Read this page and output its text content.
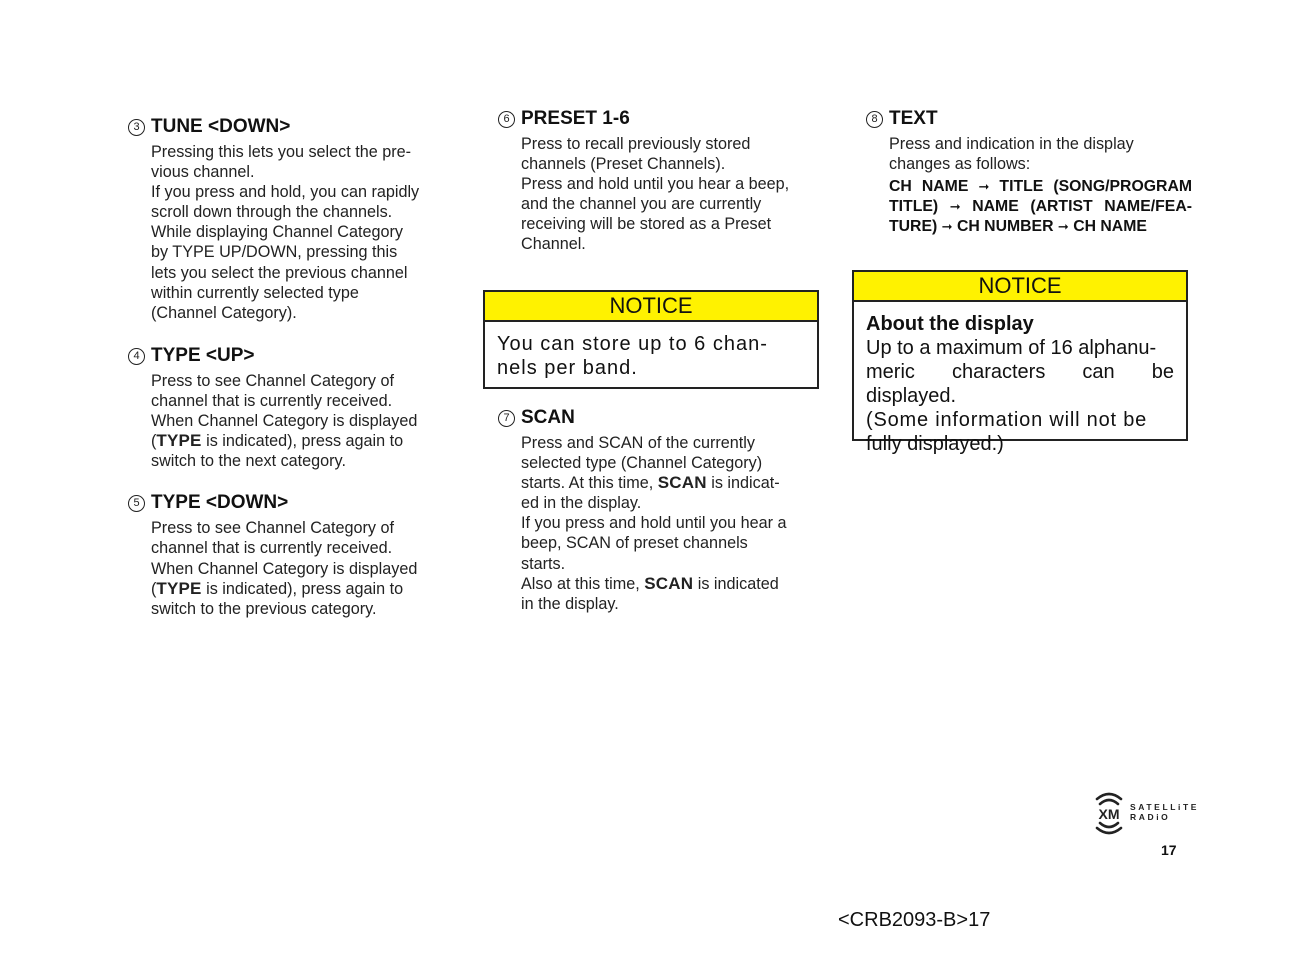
3 TUNE <DOWN>
Pressing this lets you select the pre-
vious channel.
If you press and hold, you can rapidly
scroll down through the channels.
While displaying Channel Category
by TYPE UP/DOWN, pressing this
lets you select the previous channel
within currently selected type
(Channel Category).
4 TYPE <UP>
Press to see Channel Category of
channel that is currently received.
When Channel Category is displayed
(TYPE is indicated), press again to
switch to the next category.
5 TYPE <DOWN>
Press to see Channel Category of
channel that is currently received.
When Channel Category is displayed
(TYPE is indicated), press again to
switch to the previous category.
6 PRESET 1-6
Press to recall previously stored
channels (Preset Channels).
Press and hold until you hear a beep,
and the channel you are currently
receiving will be stored as a Preset
Channel.
NOTICE
You can store up to 6 chan-
nels per band.
7 SCAN
Press and SCAN of the currently
selected type (Channel Category)
starts. At this time, SCAN is indicat-
ed in the display.
If you press and hold until you hear a
beep, SCAN of preset channels
starts.
Also at this time, SCAN is indicated
in the display.
8 TEXT
Press and indication in the display
changes as follows:
CH NAME ➞ TITLE (SONG/PROGRAM TITLE) ➞ NAME (ARTIST NAME/FEA-TURE) ➞ CH NUMBER ➞ CH NAME
NOTICE
About the display
Up to a maximum of 16 alphanu-
meric characters can be displayed.
(Some information will not be
fully displayed.)
XM SATELLiTE
RADiO
17
<CRB2093-B>17
